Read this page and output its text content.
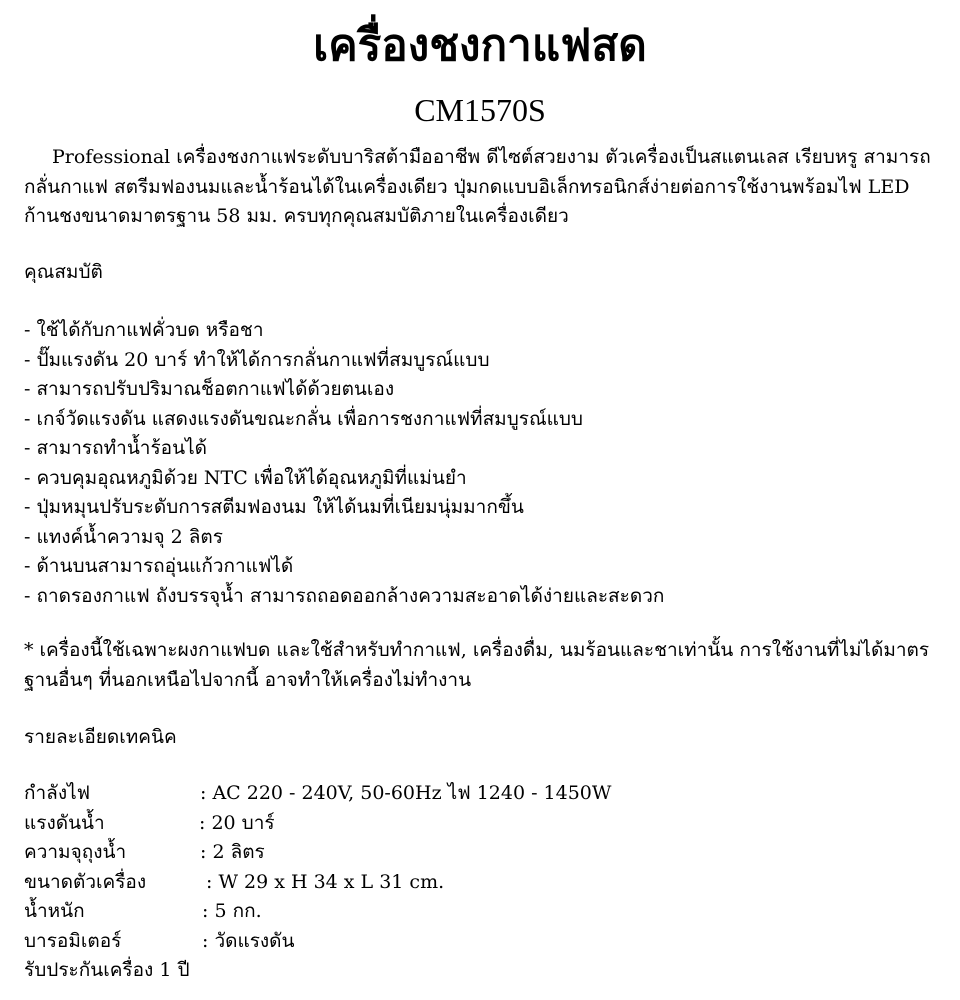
เครื่องชงกาแฟสด
CM1570S
Professional เครื่องชงกาแฟระดับบาริสต้ามืออาชีพ ดีไซต์สวยงาม ตัวเครื่องเป็นสแตนเลส เรียบหรู สามารถกลั่นกาแฟ สตรีมฟองนมและน้ำร้อนได้ในเครื่องเดียว ปุ่มกดแบบอิเล็กทรอนิกส์ง่ายต่อการใช้งานพร้อมไฟ LED ก้านชงขนาดมาตรฐาน 58 มม. ครบทุกคุณสมบัติภายในเครื่องเดียว
คุณสมบัติ
- ใช้ได้กับกาแฟคั่วบด หรือชา
- ปั๊มแรงดัน 20 บาร์ ทำให้ได้การกลั่นกาแฟที่สมบูรณ์แบบ
- สามารถปรับปริมาณช็อตกาแฟได้ด้วยตนเอง
- เกจ์วัดแรงดัน แสดงแรงดันขณะกลั่น เพื่อการชงกาแฟที่สมบูรณ์แบบ
- สามารถทำน้ำร้อนได้
- ควบคุมอุณหภูมิด้วย NTC เพื่อให้ได้อุณหภูมิที่แม่นยำ
- ปุ่มหมุนปรับระดับการสตีมฟองนม ให้ได้นมที่เนียมนุ่มมากขึ้น
- แทงค์น้ำความจุ 2 ลิตร
- ด้านบนสามารถอุ่นแก้วกาแฟได้
- ถาดรองกาแฟ ถังบรรจุน้ำ สามารถถอดออกล้างความสะอาดได้ง่ายและสะดวก
* เครื่องนี้ใช้เฉพาะผงกาแฟบด และใช้สำหรับทำกาแฟ, เครื่องดื่ม, นมร้อนและชาเท่านั้น การใช้งานที่ไม่ได้มาตรฐานอื่นๆ ที่นอกเหนือไปจากนี้ อาจทำให้เครื่องไม่ทำงาน
รายละเอียดเทคนิค
กำลังไฟ	: AC 220 - 240V, 50-60Hz ไฟ 1240 - 1450W
แรงดันน้ำ	: 20 บาร์
ความจุถุงน้ำ	: 2 ลิตร
ขนาดตัวเครื่อง	: W 29 x H 34 x L 31 cm.
น้ำหนัก	: 5 กก.
บารอมิเตอร์	: วัดแรงดัน
รับประกันเครื่อง 1 ปี
